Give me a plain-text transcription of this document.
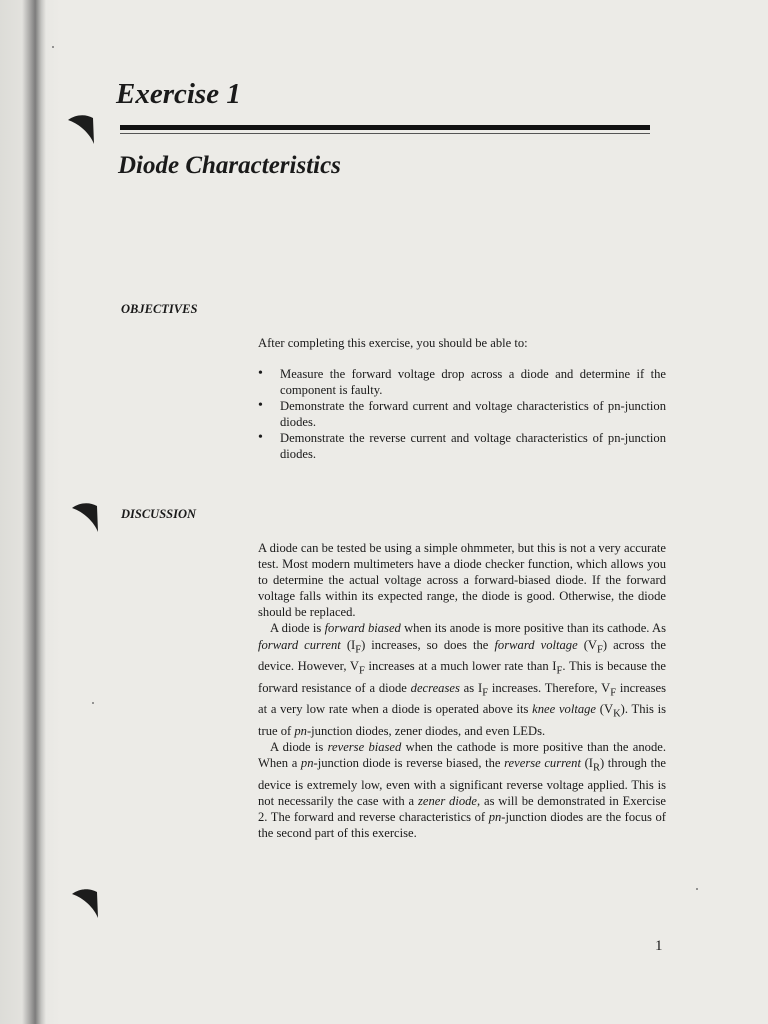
Exercise 1
Diode Characteristics
OBJECTIVES

After completing this exercise, you should be able to:

• Measure the forward voltage drop across a diode and determine if the component is faulty.
• Demonstrate the forward current and voltage characteristics of pn-junction diodes.
• Demonstrate the reverse current and voltage characteristics of pn-junction diodes.
DISCUSSION

A diode can be tested be using a simple ohmmeter, but this is not a very accurate test. Most modern multimeters have a diode checker function, which allows you to determine the actual voltage across a forward-biased diode. If the forward voltage falls within its expected range, the diode is good. Otherwise, the diode should be replaced.

A diode is forward biased when its anode is more positive than its cathode. As forward current $(I_F)$ increases, so does the forward voltage $(V_F)$ across the device. However, $V_F$ increases at a much lower rate than $I_F$. This is because the forward resistance of a diode decreases as $I_F$ increases. Therefore, $V_F$ increases at a very low rate when a diode is operated above its knee voltage $(V_K)$. This is true of pn-junction diodes, zener diodes, and even LEDs.

A diode is reverse biased when the cathode is more positive than the anode. When a pn-junction diode is reverse biased, the reverse current $(I_R)$ through the device is extremely low, even with a significant reverse voltage applied. This is not necessarily the case with a zener diode, as will be demonstrated in Exercise 2. The forward and reverse characteristics of pn-junction diodes are the focus of the second part of this exercise.

1
